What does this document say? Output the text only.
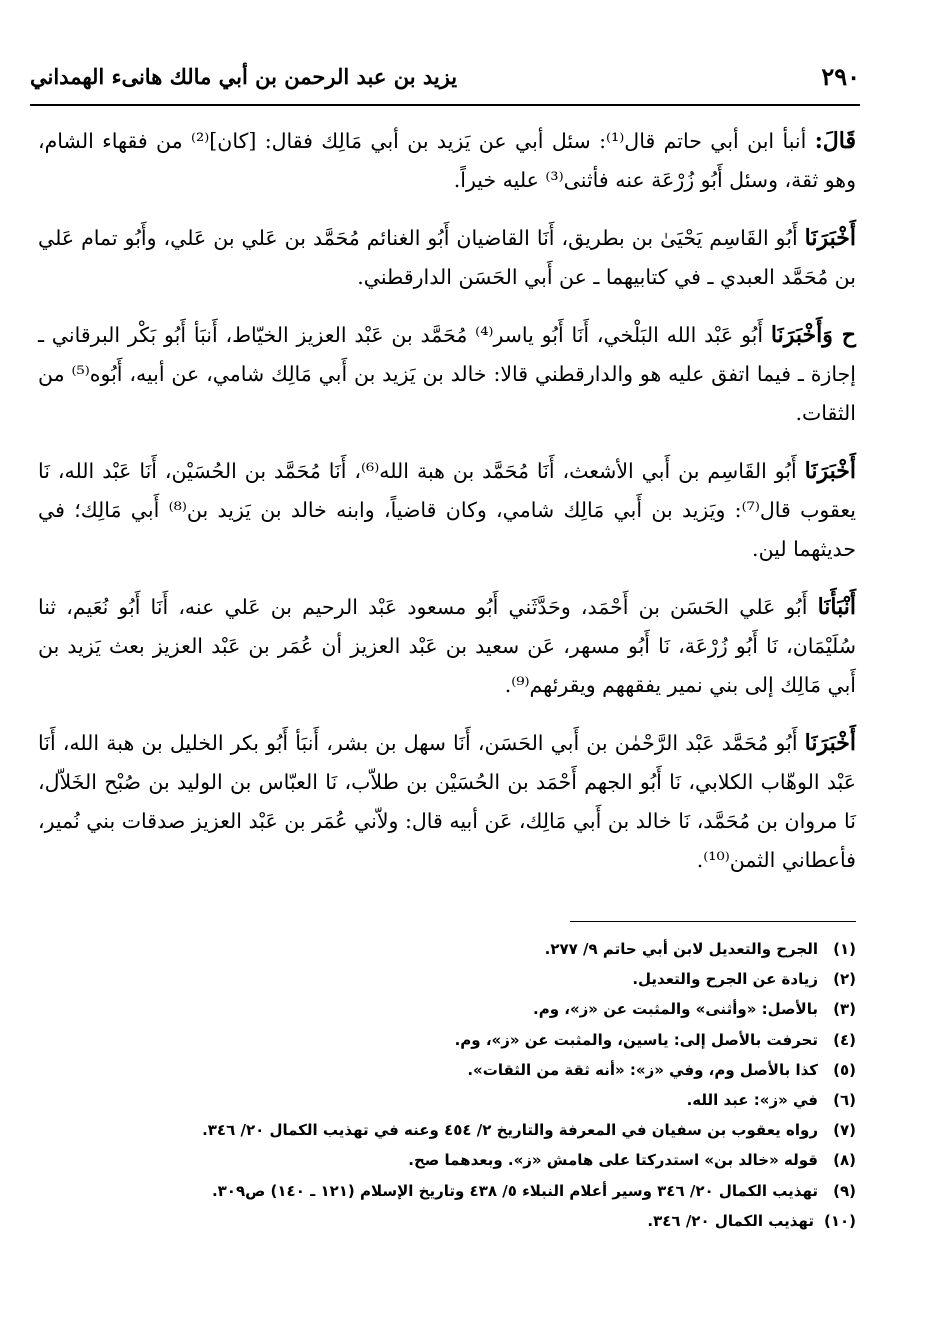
٢٩٠
يزيد بن عبد الرحمن بن أبي مالك هانىء الهمداني

قَالَ: أنبأ ابن أبي حاتم قال⁽¹⁾: سئل أبي عن يَزيد بن أبي مَالِك فقال: [كان]⁽²⁾ من فقهاء الشام، وهو ثقة، وسئل أَبُو زُرْعَة عنه فأثنى⁽³⁾ عليه خيراً.

أَخْبَرَنَا أَبُو القَاسِم يَحْيَىٰ بن بطريق، أَنَا القاضيان أَبُو الغنائم مُحَمَّد بن عَلي بن عَلي، وأَبُو تمام عَلي بن مُحَمَّد العبدي ـ في كتابيهما ـ عن أَبي الحَسَن الدارقطني.

ح وَأَخْبَرَنَا أَبُو عَبْد الله البَلْخي، أَنَا أَبُو ياسر⁽⁴⁾ مُحَمَّد بن عَبْد العزيز الخيّاط، أَنبَأ أَبُو بَكْر البرقاني ـ إجازة ـ فيما اتفق عليه هو والدارقطني قالا: خالد بن يَزيد بن أَبي مَالِك شامي، عن أبيه، أَبُوه⁽⁵⁾ من الثقات.

أَخْبَرَنَا أَبُو القَاسِم بن أَبي الأشعث، أَنَا مُحَمَّد بن هبة الله⁽⁶⁾، أَنَا مُحَمَّد بن الحُسَيْن، أَنَا عَبْد الله، نَا يعقوب قال⁽⁷⁾: ويَزيد بن أَبي مَالِك شامي، وكان قاضياً، وابنه خالد بن يَزيد بن⁽⁸⁾ أَبي مَالِك؛ في حديثهما لين.

أَنْبَأَنَا أَبُو عَلي الحَسَن بن أَحْمَد، وحَدَّثَني أَبُو مسعود عَبْد الرحيم بن عَلي عنه، أَنَا أَبُو نُعَيم، ثنا سُلَيْمَان، نَا أَبُو زُرْعَة، نَا أَبُو مسهر، عَن سعيد بن عَبْد العزيز أن عُمَر بن عَبْد العزيز بعث يَزيد بن أَبي مَالِك إلى بني نمير يفقههم ويقرئهم⁽⁹⁾.

أَخْبَرَنَا أَبُو مُحَمَّد عَبْد الرَّحْمٰن بن أَبي الحَسَن، أَنَا سهل بن بشر، أَنبَأ أَبُو بكر الخليل بن هبة الله، أَنَا عَبْد الوهّاب الكلابي، نَا أَبُو الجهم أَحْمَد بن الحُسَيْن بن طلاّب، نَا العبّاس بن الوليد بن صُبْح الخَلاّل، نَا مروان بن مُحَمَّد، نَا خالد بن أَبي مَالِك، عَن أبيه قال: ولاّني عُمَر بن عَبْد العزيز صدقات بني نُمير، فأعطاني الثمن⁽¹⁰⁾.

(١)
الجرح والتعديل لابن أبي حاتم ٩/ ٢٧٧.
(٢)
زيادة عن الجرح والتعديل.
(٣)
بالأصل: «وأثنى» والمثبت عن «ز»، وم.
(٤)
تحرفت بالأصل إلى: ياسين، والمثبت عن «ز»، وم.
(٥)
كذا بالأصل وم، وفي «ز»: «أنه ثقة من الثقات».
(٦)
في «ز»: عبد الله.
(٧)
رواه يعقوب بن سفيان في المعرفة والتاريخ ٢/ ٤٥٤ وعنه في تهذيب الكمال ٢٠/ ٣٤٦.
(٨)
قوله «خالد بن» استدركتا على هامش «ز». وبعدهما صح.
(٩)
تهذيب الكمال ٢٠/ ٣٤٦ وسير أعلام النبلاء ٥/ ٤٣٨ وتاريخ الإسلام (١٢١ ـ ١٤٠) ص٣٠٩.
(١٠)
تهذيب الكمال ٢٠/ ٣٤٦.
